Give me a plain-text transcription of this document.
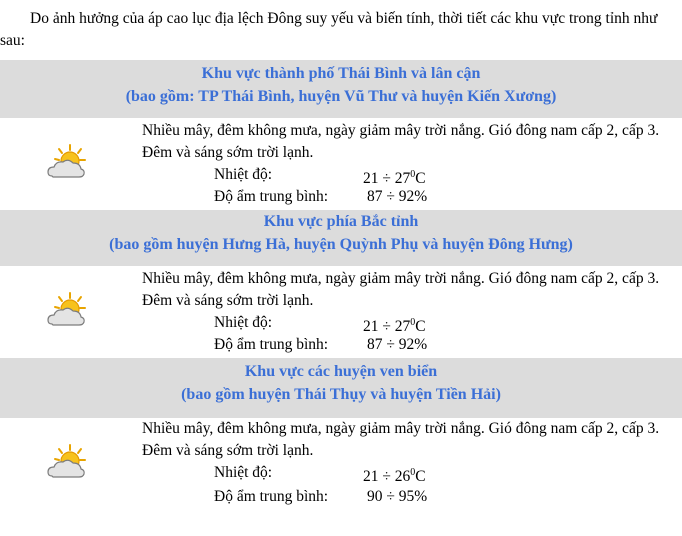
Do ảnh hưởng của áp cao lục địa lệch Đông suy yếu và biến tính, thời tiết các khu vực trong tỉnh như sau:
Khu vực thành phố Thái Bình và lân cận
(bao gồm: TP Thái Bình, huyện Vũ Thư và huyện Kiến Xương)
Nhiều mây, đêm không mưa, ngày giảm mây trời nắng. Gió đông nam cấp 2, cấp 3. Đêm và sáng sớm trời lạnh.
Nhiệt độ:	$21 \div 27^0C$
Độ ẩm trung bình:	87 ÷ 92%
Khu vực phía Bắc tỉnh
(bao gồm huyện Hưng Hà, huyện Quỳnh Phụ và huyện Đông Hưng)
Nhiều mây, đêm không mưa, ngày giảm mây trời nắng. Gió đông nam cấp 2, cấp 3. Đêm và sáng sớm trời lạnh.
Nhiệt độ:	$21 \div 27^0C$
Độ ẩm trung bình:	87 ÷ 92%
Khu vực các huyện ven biển
(bao gồm huyện Thái Thụy và huyện Tiền Hải)
Nhiều mây, đêm không mưa, ngày giảm mây trời nắng. Gió đông nam cấp 2, cấp 3. Đêm và sáng sớm trời lạnh.
Nhiệt độ:	$21 \div 26^0C$
Độ ẩm trung bình:	90 ÷ 95%
